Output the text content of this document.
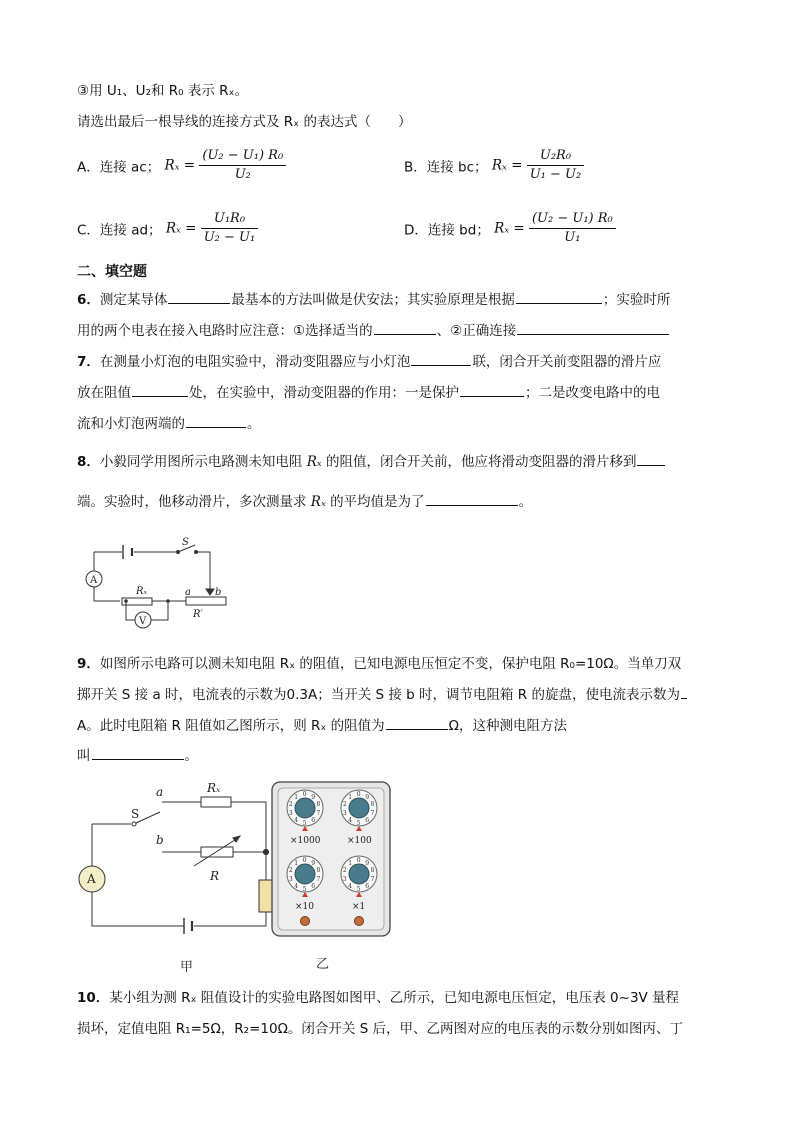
③用 U₁、U₂和 R₀ 表示 Rₓ。
请选出最后一根导线的连接方式及 Rₓ 的表达式（　　）
A．连接 ac； $R_x = \frac{\text{(U₂ − U₁) R₀}}{\text{U₂}}$	B．连接 bc； $R_x = \frac{\text{U₂R₀}}{\text{U₁ − U₂}}$
C．连接 ad； $R_x = \frac{\text{U₁R₀}}{\text{U₂ − U₁}}$	D．连接 bd； $R_x = \frac{\text{(U₂ − U₁) R₀}}{\text{U₁}}$
二、填空题
6．测定某导体	最基本的方法叫做是伏安法；其实验原理是根据	；实验时所
用的两个电表在接入电路时应注意：①选择适当的	、②正确连接
7．在测量小灯泡的电阻实验中，滑动变阻器应与小灯泡	联，闭合开关前变阻器的滑片应
放在阻值	处，在实验中，滑动变阻器的作用：一是保护	；二是改变电路中的电
流和小灯泡两端的	。
8．小毅同学用图所示电路测未知电阻 Rₓ 的阻值，闭合开关前，他应将滑动变阻器的滑片移到
端。实验时，他移动滑片，多次测量求 Rₓ 的平均值是为了	。
A
V
S
Rₓ	a b
R′
9．如图所示电路可以测未知电阻 Rₓ 的阻值，已知电源电压恒定不变，保护电阻 R₀=10Ω。当单刀双
掷开关 S 接 a 时，电流表的示数为0.3A；当开关 S 接 b 时，调节电阻箱 R 的旋盘，使电流表示数为
A。此时电阻箱 R 阻值如乙图所示，则 Rₓ 的阻值为	Ω，这种测电阻方法
叫	。
A
S
a
b
Rₓ
R
×1000	×100
×10	×1
甲	乙
0 9
8
7
6
5
4
3
2
1	0 9
8
7
6
5
4
3
2
1
0 9
8
7
6
5
4
3
2
1	0 9
8
7
6
5
4
3
2
1
10．某小组为测 Rₓ 阻值设计的实验电路图如图甲、乙所示，已知电源电压恒定，电压表 0~3V 量程
损坏，定值电阻 R₁=5Ω，R₂=10Ω。闭合开关 S 后，甲、乙两图对应的电压表的示数分别如图丙、丁
